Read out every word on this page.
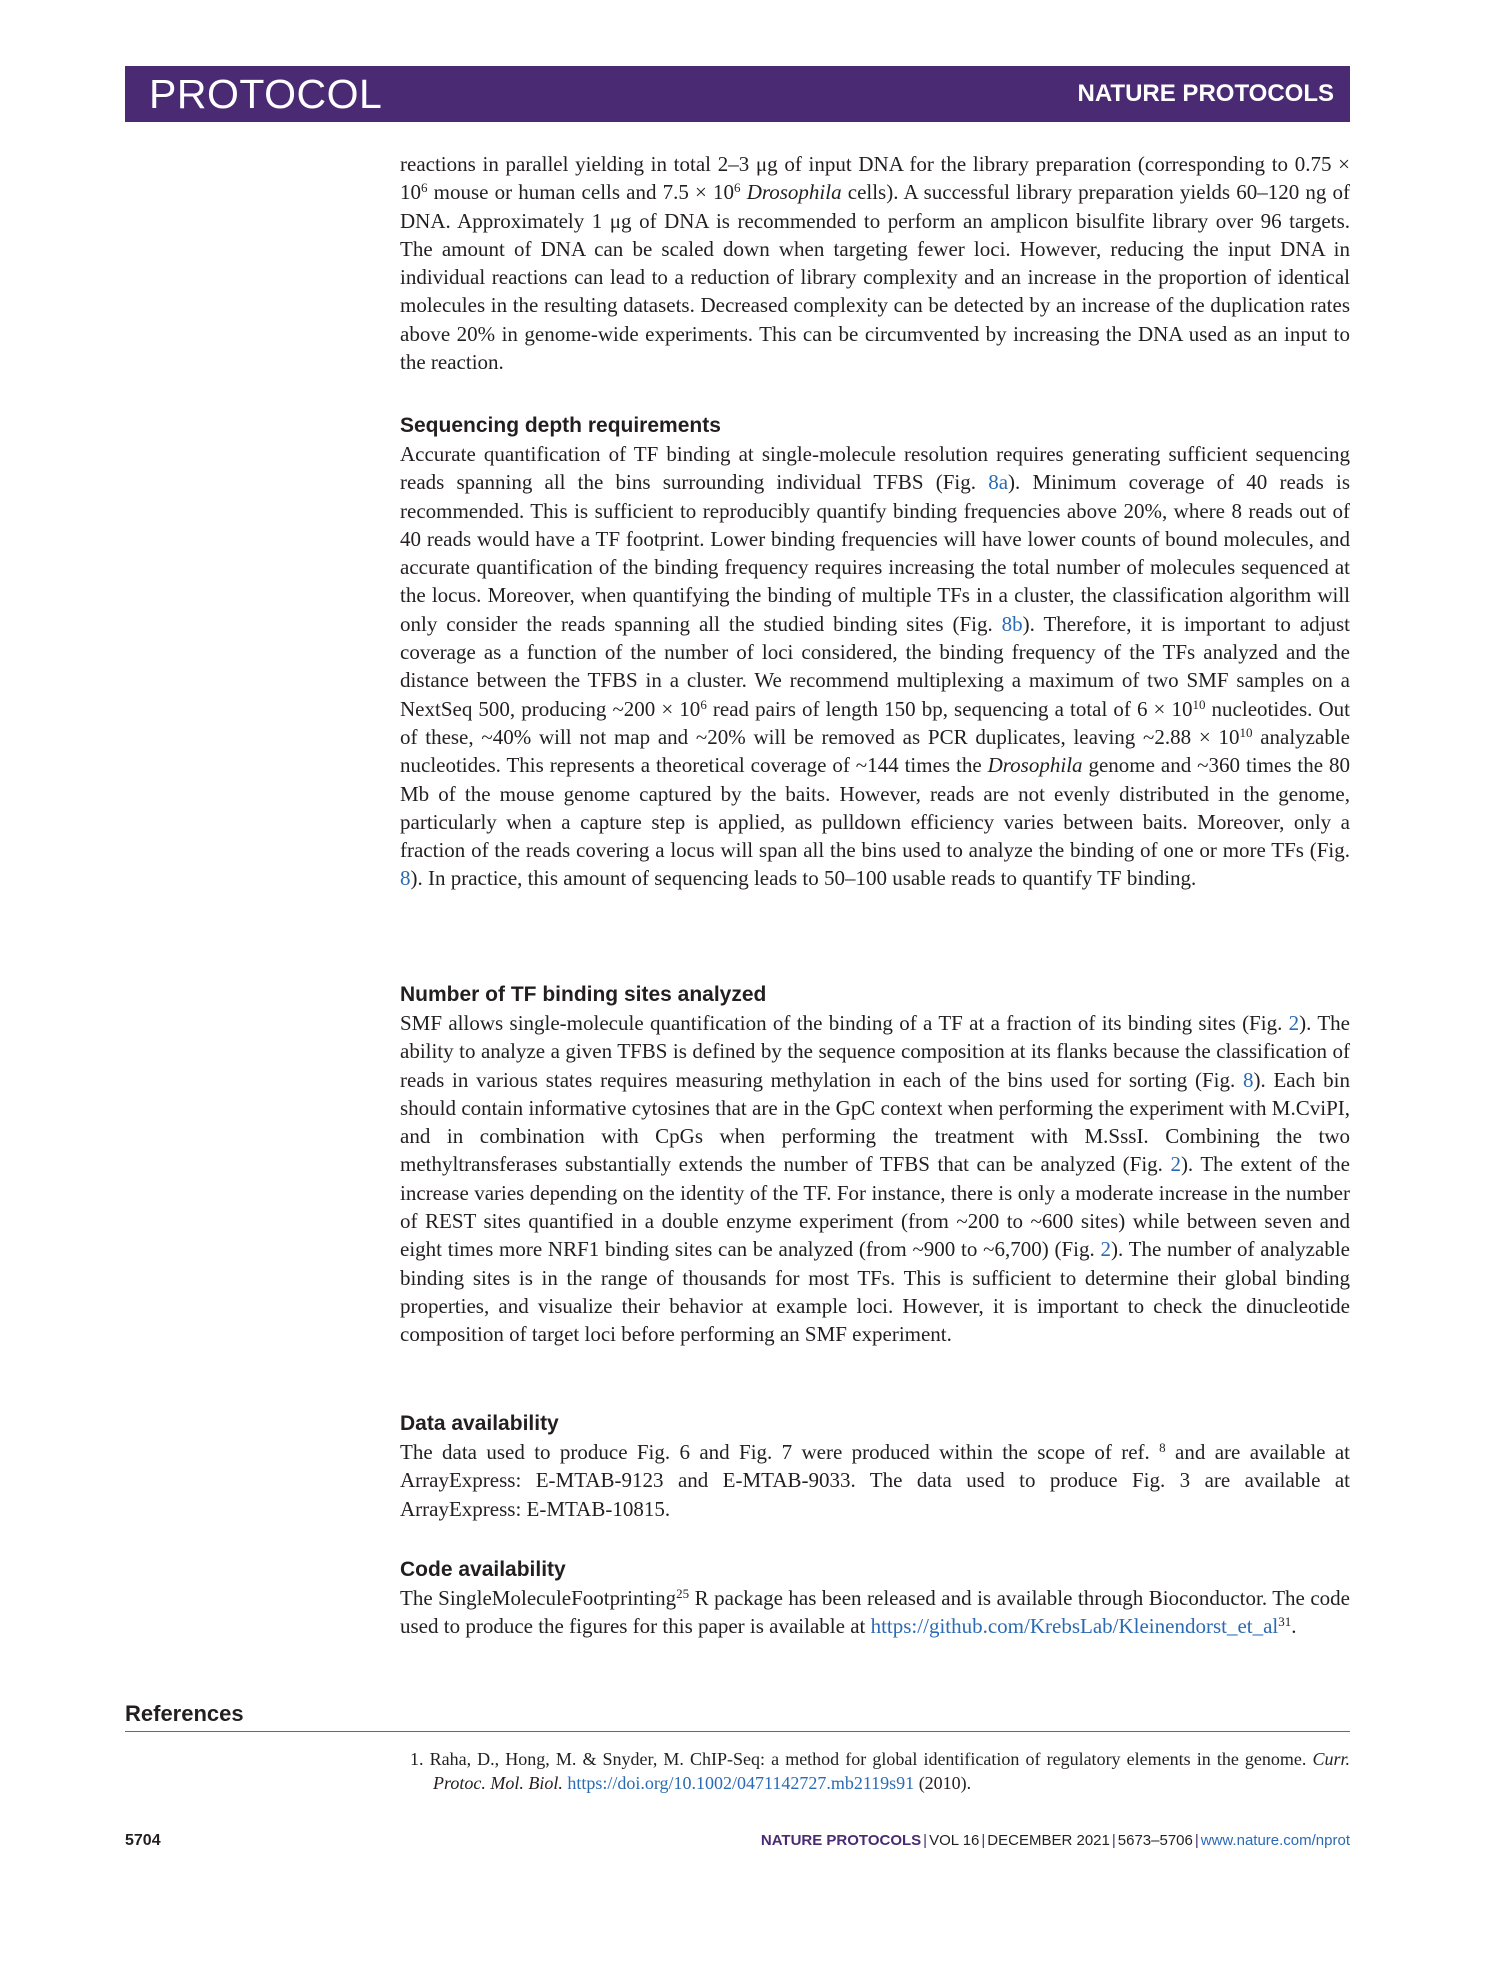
PROTOCOL	NATURE PROTOCOLS

reactions in parallel yielding in total 2–3 μg of input DNA for the library preparation (corresponding to $0.75 \times 10^6$ mouse or human cells and $7.5 \times 10^6$ Drosophila cells). A successful library preparation yields 60–120 ng of DNA. Approximately 1 μg of DNA is recommended to perform an amplicon bisulfite library over 96 targets. The amount of DNA can be scaled down when targeting fewer loci. However, reducing the input DNA in individual reactions can lead to a reduction of library complexity and an increase in the proportion of identical molecules in the resulting datasets. Decreased complexity can be detected by an increase of the duplication rates above 20% in genome-wide experiments. This can be circumvented by increasing the DNA used as an input to the reaction.

Sequencing depth requirements

Accurate quantification of TF binding at single-molecule resolution requires generating sufficient sequencing reads spanning all the bins surrounding individual TFBS (Fig. 8a). Minimum coverage of 40 reads is recommended. This is sufficient to reproducibly quantify binding frequencies above 20%, where 8 reads out of 40 reads would have a TF footprint. Lower binding frequencies will have lower counts of bound molecules, and accurate quantification of the binding frequency requires increasing the total number of molecules sequenced at the locus. Moreover, when quantifying the binding of multiple TFs in a cluster, the classification algorithm will only consider the reads spanning all the studied binding sites (Fig. 8b). Therefore, it is important to adjust coverage as a function of the number of loci considered, the binding frequency of the TFs analyzed and the distance between the TFBS in a cluster. We recommend multiplexing a maximum of two SMF samples on a NextSeq 500, producing ~200 × $10^6$ read pairs of length 150 bp, sequencing a total of $6 \times 10^{10}$ nucleotides. Out of these, ~40% will not map and ~20% will be removed as PCR duplicates, leaving ~2.88 × $10^{10}$ analyzable nucleotides. This represents a theoretical coverage of ~144 times the Drosophila genome and ~360 times the 80 Mb of the mouse genome captured by the baits. However, reads are not evenly distributed in the genome, particularly when a capture step is applied, as pulldown efficiency varies between baits. Moreover, only a fraction of the reads covering a locus will span all the bins used to analyze the binding of one or more TFs (Fig. 8). In practice, this amount of sequencing leads to 50–100 usable reads to quantify TF binding.

Number of TF binding sites analyzed

SMF allows single-molecule quantification of the binding of a TF at a fraction of its binding sites (Fig. 2). The ability to analyze a given TFBS is defined by the sequence composition at its flanks because the classification of reads in various states requires measuring methylation in each of the bins used for sorting (Fig. 8). Each bin should contain informative cytosines that are in the GpC context when performing the experiment with M.CviPI, and in combination with CpGs when performing the treatment with M.SssI. Combining the two methyltransferases substantially extends the number of TFBS that can be analyzed (Fig. 2). The extent of the increase varies depending on the identity of the TF. For instance, there is only a moderate increase in the number of REST sites quantified in a double enzyme experiment (from ~200 to ~600 sites) while between seven and eight times more NRF1 binding sites can be analyzed (from ~900 to ~6,700) (Fig. 2). The number of analyzable binding sites is in the range of thousands for most TFs. This is sufficient to determine their global binding properties, and visualize their behavior at example loci. However, it is important to check the dinucleotide composition of target loci before performing an SMF experiment.

Data availability

The data used to produce Fig. 6 and Fig. 7 were produced within the scope of ref. $^8$ and are available at ArrayExpress: E-MTAB-9123 and E-MTAB-9033. The data used to produce Fig. 3 are available at ArrayExpress: E-MTAB-10815.

Code availability

The SingleMoleculeFootprinting$^{25}$ R package has been released and is available through Bioconductor. The code used to produce the figures for this paper is available at $https://github.com/KrebsLab/Kleinendorst\_et\_al^{31}$.

References
1. Raha, D., Hong, M. & Snyder, M. ChIP-Seq: a method for global identification of regulatory elements in the genome. Curr. Protoc. Mol. Biol. https://doi.org/10.1002/0471142727.mb2119s91 (2010).
5704	NATURE PROTOCOLS | VOL 16 | DECEMBER 2021 | 5673–5706 | www.nature.com/nprot
